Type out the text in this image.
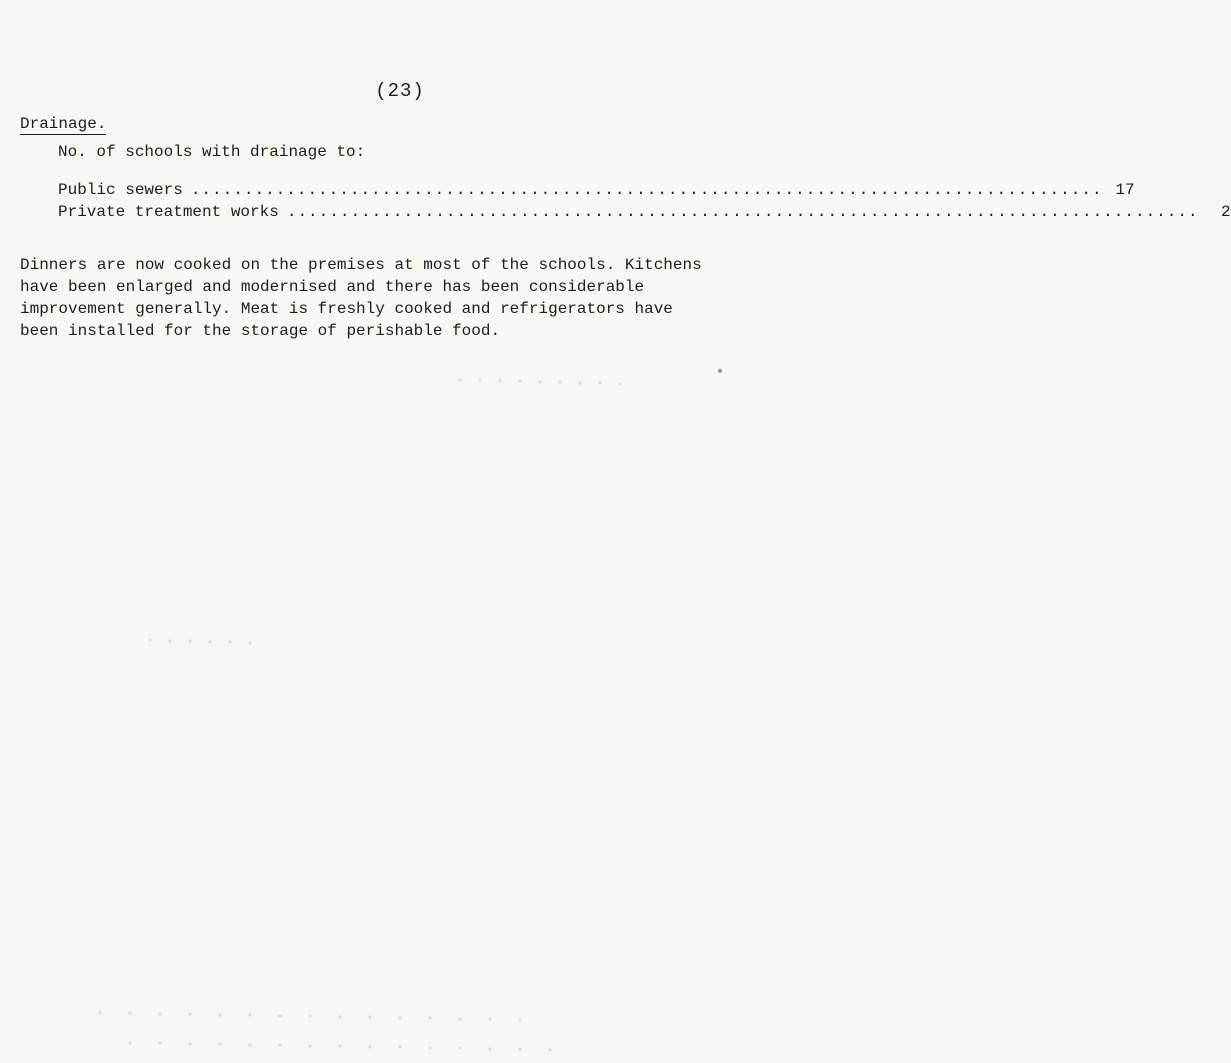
(23)
Drainage.
No. of schools with drainage to:
Public sewers ...................................................................................... 17
Private treatment works ......................................................................................	2

Dinners are now cooked on the premises at most of the schools. Kitchens have been enlarged and modernised and there has been considerable improvement generally. Meat is freshly cooked and refrigerators have been installed for the storage of perishable food.
